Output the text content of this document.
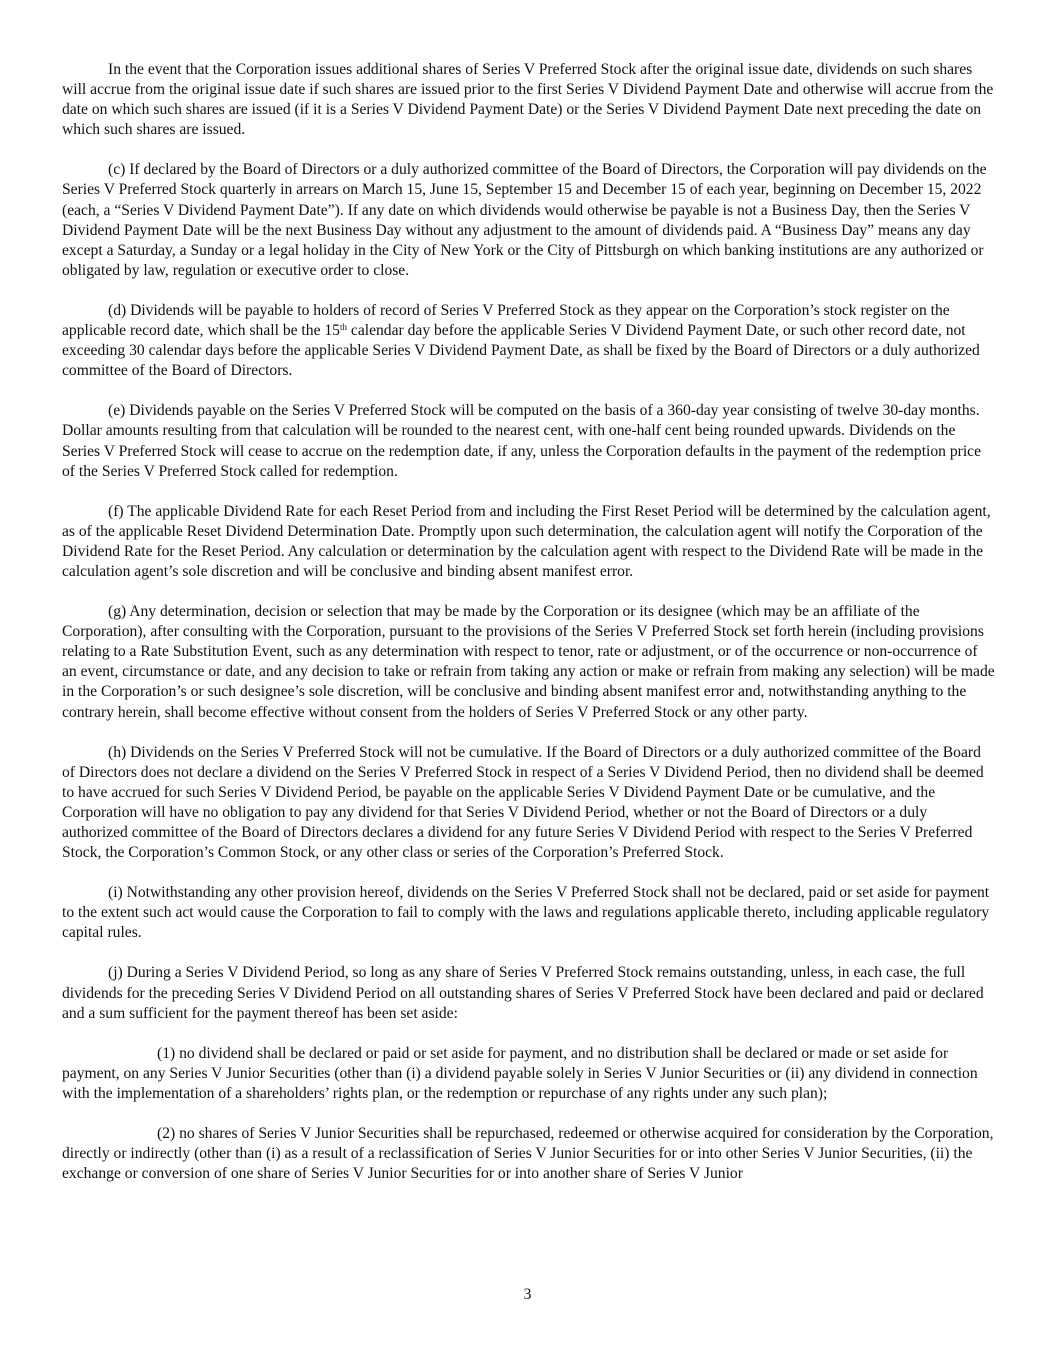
In the event that the Corporation issues additional shares of Series V Preferred Stock after the original issue date, dividends on such shares will accrue from the original issue date if such shares are issued prior to the first Series V Dividend Payment Date and otherwise will accrue from the date on which such shares are issued (if it is a Series V Dividend Payment Date) or the Series V Dividend Payment Date next preceding the date on which such shares are issued.

(c) If declared by the Board of Directors or a duly authorized committee of the Board of Directors, the Corporation will pay dividends on the Series V Preferred Stock quarterly in arrears on March 15, June 15, September 15 and December 15 of each year, beginning on December 15, 2022 (each, a “Series V Dividend Payment Date”). If any date on which dividends would otherwise be payable is not a Business Day, then the Series V Dividend Payment Date will be the next Business Day without any adjustment to the amount of dividends paid. A “Business Day” means any day except a Saturday, a Sunday or a legal holiday in the City of New York or the City of Pittsburgh on which banking institutions are any authorized or obligated by law, regulation or executive order to close.

(d) Dividends will be payable to holders of record of Series V Preferred Stock as they appear on the Corporation’s stock register on the applicable record date, which shall be the 15th calendar day before the applicable Series V Dividend Payment Date, or such other record date, not exceeding 30 calendar days before the applicable Series V Dividend Payment Date, as shall be fixed by the Board of Directors or a duly authorized committee of the Board of Directors.

(e) Dividends payable on the Series V Preferred Stock will be computed on the basis of a 360-day year consisting of twelve 30-day months. Dollar amounts resulting from that calculation will be rounded to the nearest cent, with one-half cent being rounded upwards. Dividends on the Series V Preferred Stock will cease to accrue on the redemption date, if any, unless the Corporation defaults in the payment of the redemption price of the Series V Preferred Stock called for redemption.

(f) The applicable Dividend Rate for each Reset Period from and including the First Reset Period will be determined by the calculation agent, as of the applicable Reset Dividend Determination Date. Promptly upon such determination, the calculation agent will notify the Corporation of the Dividend Rate for the Reset Period. Any calculation or determination by the calculation agent with respect to the Dividend Rate will be made in the calculation agent’s sole discretion and will be conclusive and binding absent manifest error.

(g) Any determination, decision or selection that may be made by the Corporation or its designee (which may be an affiliate of the Corporation), after consulting with the Corporation, pursuant to the provisions of the Series V Preferred Stock set forth herein (including provisions relating to a Rate Substitution Event, such as any determination with respect to tenor, rate or adjustment, or of the occurrence or non-occurrence of an event, circumstance or date, and any decision to take or refrain from taking any action or make or refrain from making any selection) will be made in the Corporation’s or such designee’s sole discretion, will be conclusive and binding absent manifest error and, notwithstanding anything to the contrary herein, shall become effective without consent from the holders of Series V Preferred Stock or any other party.

(h) Dividends on the Series V Preferred Stock will not be cumulative. If the Board of Directors or a duly authorized committee of the Board of Directors does not declare a dividend on the Series V Preferred Stock in respect of a Series V Dividend Period, then no dividend shall be deemed to have accrued for such Series V Dividend Period, be payable on the applicable Series V Dividend Payment Date or be cumulative, and the Corporation will have no obligation to pay any dividend for that Series V Dividend Period, whether or not the Board of Directors or a duly authorized committee of the Board of Directors declares a dividend for any future Series V Dividend Period with respect to the Series V Preferred Stock, the Corporation’s Common Stock, or any other class or series of the Corporation’s Preferred Stock.

(i) Notwithstanding any other provision hereof, dividends on the Series V Preferred Stock shall not be declared, paid or set aside for payment to the extent such act would cause the Corporation to fail to comply with the laws and regulations applicable thereto, including applicable regulatory capital rules.

(j) During a Series V Dividend Period, so long as any share of Series V Preferred Stock remains outstanding, unless, in each case, the full dividends for the preceding Series V Dividend Period on all outstanding shares of Series V Preferred Stock have been declared and paid or declared and a sum sufficient for the payment thereof has been set aside:

(1) no dividend shall be declared or paid or set aside for payment, and no distribution shall be declared or made or set aside for payment, on any Series V Junior Securities (other than (i) a dividend payable solely in Series V Junior Securities or (ii) any dividend in connection with the implementation of a shareholders’ rights plan, or the redemption or repurchase of any rights under any such plan);

(2) no shares of Series V Junior Securities shall be repurchased, redeemed or otherwise acquired for consideration by the Corporation, directly or indirectly (other than (i) as a result of a reclassification of Series V Junior Securities for or into other Series V Junior Securities, (ii) the exchange or conversion of one share of Series V Junior Securities for or into another share of Series V Junior

3
